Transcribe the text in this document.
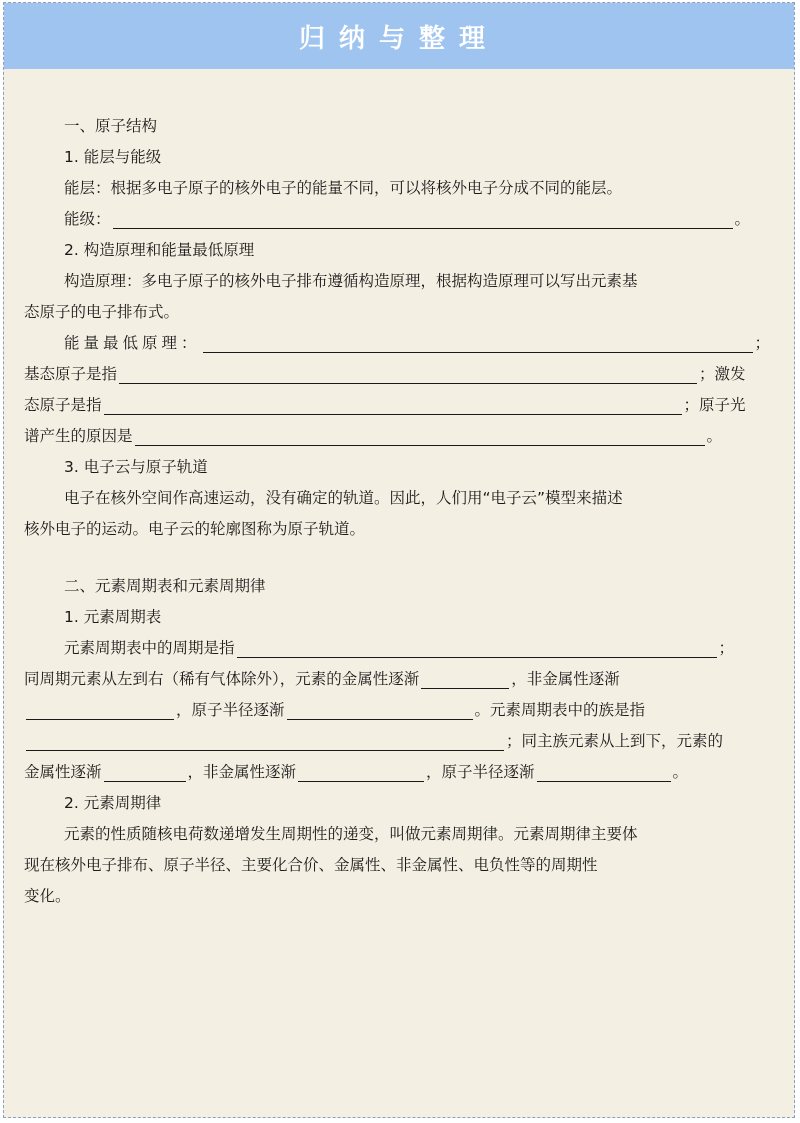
归纳与整理
一、原子结构
1. 能层与能级
能层：根据多电子原子的核外电子的能量不同，可以将核外电子分成不同的能层。
能级：	。
2. 构造原理和能量最低原理
构造原理：多电子原子的核外电子排布遵循构造原理，根据构造原理可以写出元素基
态原子的电子排布式。
能量最低原理：	；
基态原子是指	；激发
态原子是指	；原子光
谱产生的原因是	。
3. 电子云与原子轨道
电子在核外空间作高速运动，没有确定的轨道。因此，人们用“电子云”模型来描述
核外电子的运动。电子云的轮廓图称为原子轨道。
二、元素周期表和元素周期律
1. 元素周期表
元素周期表中的周期是指	；
同周期元素从左到右（稀有气体除外），元素的金属性逐渐	，非金属性逐渐
，原子半径逐渐	。元素周期表中的族是指
；同主族元素从上到下，元素的
金属性逐渐	，非金属性逐渐	，原子半径逐渐	。
2. 元素周期律
元素的性质随核电荷数递增发生周期性的递变，叫做元素周期律。元素周期律主要体
现在核外电子排布、原子半径、主要化合价、金属性、非金属性、电负性等的周期性
变化。
